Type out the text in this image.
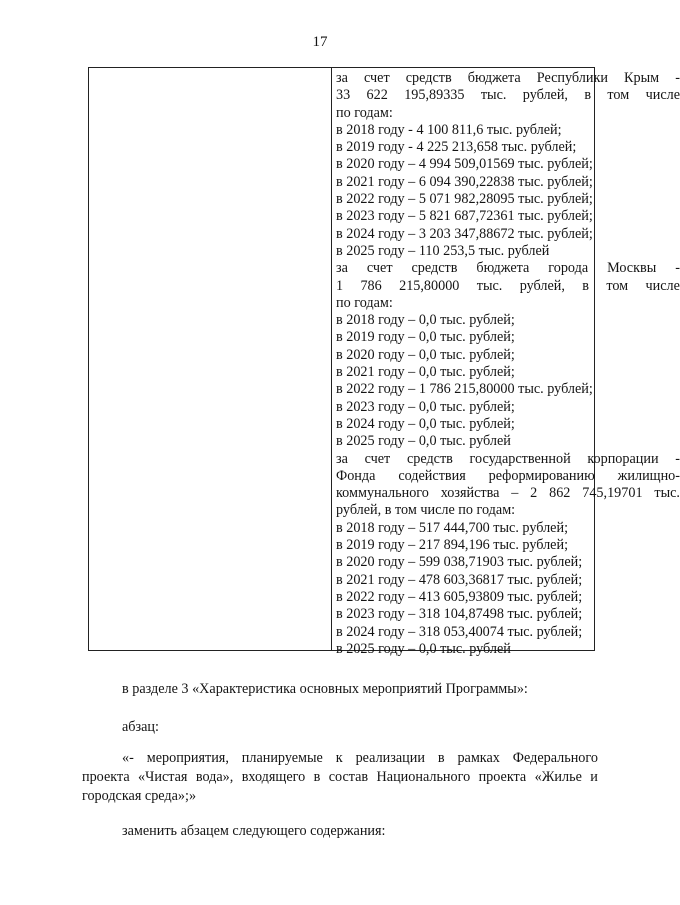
17
за счет средств бюджета Республики Крым -
33 622 195,89335 тыс. рублей, в том числе
по годам:
в 2018 году - 4 100 811,6 тыс. рублей;
в 2019 году - 4 225 213,658 тыс. рублей;
в 2020 году – 4 994 509,01569 тыс. рублей;
в 2021 году – 6 094 390,22838 тыс. рублей;
в 2022 году – 5 071 982,28095 тыс. рублей;
в 2023 году – 5 821 687,72361 тыс. рублей;
в 2024 году – 3 203 347,88672 тыс. рублей;
в 2025 году – 110 253,5 тыс. рублей
за счет средств бюджета города Москвы -
1 786 215,80000 тыс. рублей, в том числе
по годам:
в 2018 году – 0,0 тыс. рублей;
в 2019 году – 0,0 тыс. рублей;
в 2020 году – 0,0 тыс. рублей;
в 2021 году – 0,0 тыс. рублей;
в 2022 году – 1 786 215,80000 тыс. рублей;
в 2023 году – 0,0 тыс. рублей;
в 2024 году – 0,0 тыс. рублей;
в 2025 году – 0,0 тыс. рублей
за счет средств государственной корпорации -
Фонда содействия реформированию жилищно-
коммунального хозяйства – 2 862 745,19701 тыс.
рублей, в том числе по годам:
в 2018 году – 517 444,700 тыс. рублей;
в 2019 году – 217 894,196 тыс. рублей;
в 2020 году – 599 038,71903 тыс. рублей;
в 2021 году – 478 603,36817 тыс. рублей;
в 2022 году – 413 605,93809 тыс. рублей;
в 2023 году – 318 104,87498 тыс. рублей;
в 2024 году – 318 053,40074 тыс. рублей;
в 2025 году – 0,0 тыс. рублей
в разделе 3 «Характеристика основных мероприятий Программы»:
абзац:
«- мероприятия, планируемые к реализации в рамках Федерального
проекта «Чистая вода», входящего в состав Национального проекта «Жилье и
городская среда»;»
заменить абзацем следующего содержания:
